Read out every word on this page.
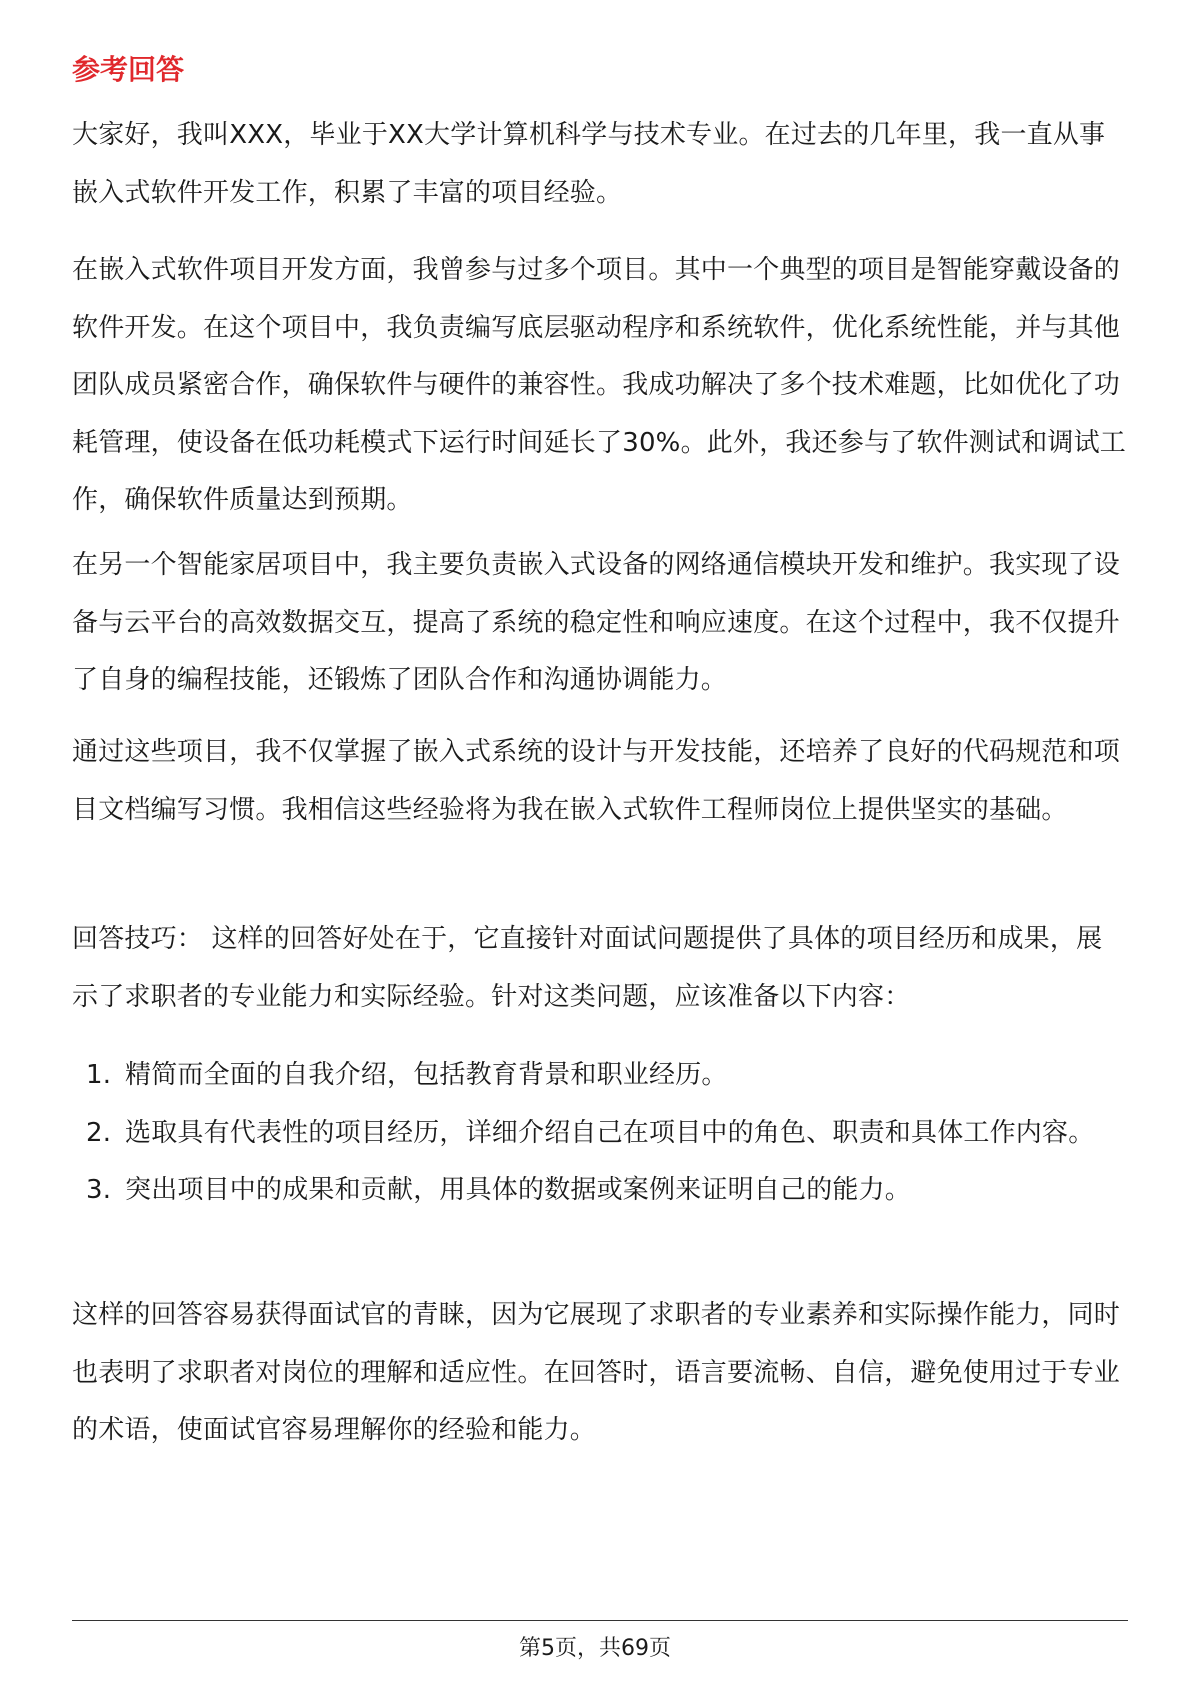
参考回答

大家好，我叫XXX，毕业于XX大学计算机科学与技术专业。在过去的几年里，我一直从事嵌入式软件开发工作，积累了丰富的项目经验。

在嵌入式软件项目开发方面，我曾参与过多个项目。其中一个典型的项目是智能穿戴设备的软件开发。在这个项目中，我负责编写底层驱动程序和系统软件，优化系统性能，并与其他团队成员紧密合作，确保软件与硬件的兼容性。我成功解决了多个技术难题，比如优化了功耗管理，使设备在低功耗模式下运行时间延长了30%。此外，我还参与了软件测试和调试工作，确保软件质量达到预期。

在另一个智能家居项目中，我主要负责嵌入式设备的网络通信模块开发和维护。我实现了设备与云平台的高效数据交互，提高了系统的稳定性和响应速度。在这个过程中，我不仅提升了自身的编程技能，还锻炼了团队合作和沟通协调能力。

通过这些项目，我不仅掌握了嵌入式系统的设计与开发技能，还培养了良好的代码规范和项目文档编写习惯。我相信这些经验将为我在嵌入式软件工程师岗位上提供坚实的基础。

回答技巧： 这样的回答好处在于，它直接针对面试问题提供了具体的项目经历和成果，展示了求职者的专业能力和实际经验。针对这类问题，应该准备以下内容：

1. 精简而全面的自我介绍，包括教育背景和职业经历。
2. 选取具有代表性的项目经历，详细介绍自己在项目中的角色、职责和具体工作内容。
3. 突出项目中的成果和贡献，用具体的数据或案例来证明自己的能力。

这样的回答容易获得面试官的青睐，因为它展现了求职者的专业素养和实际操作能力，同时也表明了求职者对岗位的理解和适应性。在回答时，语言要流畅、自信，避免使用过于专业的术语，使面试官容易理解你的经验和能力。

第5页，共69页
